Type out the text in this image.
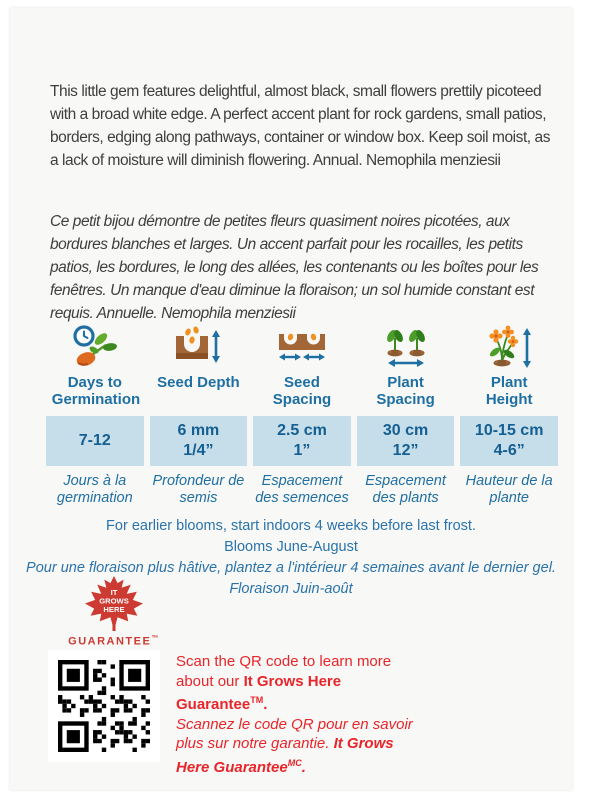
This little gem features delightful, almost black, small flowers prettily picoteed with a broad white edge. A perfect accent plant for rock gardens, small patios, borders, edging along pathways, container or window box. Keep soil moist, as a lack of moisture will diminish flowering. Annual. Nemophila menziesii

Ce petit bijou démontre de petites fleurs quasiment noires picotées, aux bordures blanches et larges. Un accent parfait pour les rocailles, les petits patios, les bordures, le long des allées, les contenants ou les boîtes pour les fenêtres. Un manque d'eau diminue la floraison; un sol humide constant est requis. Annuelle. Nemophila menziesii

Days to Germination
7-12
Jours à la germination
Seed Depth
6 mm
1/4”
Profondeur de semis
Seed Spacing
2.5 cm
1”
Espacement des semences
Plant Spacing
30 cm
12”
Espacement des plants
Plant Height
10-15 cm
4-6”
Hauteur de la plante
For earlier blooms, start indoors 4 weeks before last frost.
Blooms June-August
Pour une floraison plus hâtive, plantez a l'intérieur 4 semaines avant le dernier gel.
Floraison Juin-août
IT
GROWS
HERE
GUARANTEE™

Scan the QR code to learn more about our It Grows Here Guarantee™.

Scannez le code QR pour en savoir plus sur notre garantie. It Grows Here Guarantee$^{MC}$.
